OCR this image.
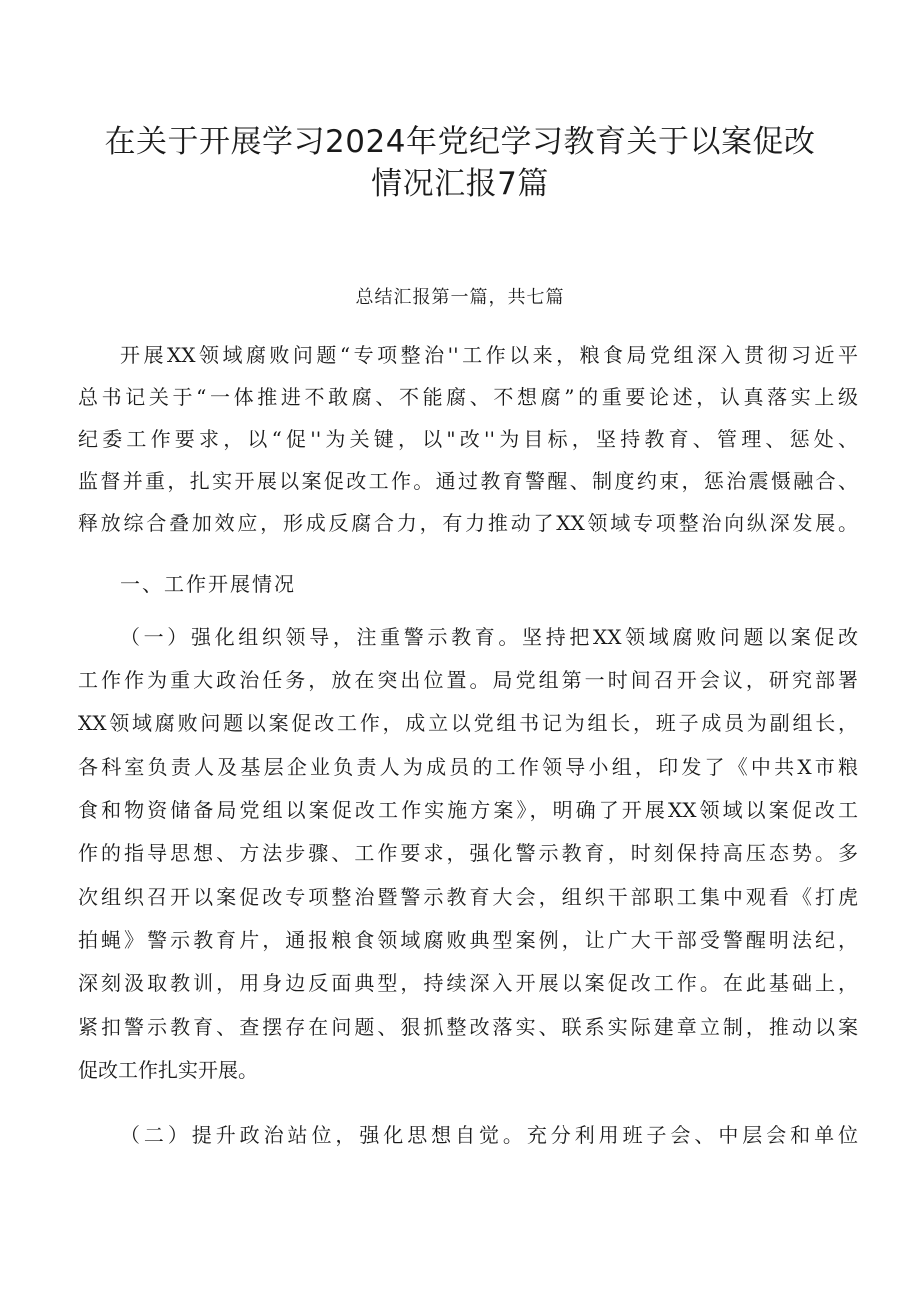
在关于开展学习2024年党纪学习教育关于以案促改
情况汇报7篇
总结汇报第一篇，共七篇
开展XX领域腐败问题“专项整治''工作以来，粮食局党组深入贯彻习近平
总书记关于“一体推进不敢腐、不能腐、不想腐”的重要论述，认真落实上级
纪委工作要求，以“促''为关键，以"改''为目标，坚持教育、管理、惩处、
监督并重，扎实开展以案促改工作。通过教育警醒、制度约束，惩治震慑融合、
释放综合叠加效应，形成反腐合力，有力推动了XX领域专项整治向纵深发展。
一、工作开展情况
（一）强化组织领导，注重警示教育。坚持把XX领域腐败问题以案促改
工作作为重大政治任务，放在突出位置。局党组第一时间召开会议，研究部署
XX领域腐败问题以案促改工作，成立以党组书记为组长，班子成员为副组长，
各科室负责人及基层企业负责人为成员的工作领导小组，印发了《中共X市粮
食和物资储备局党组以案促改工作实施方案》，明确了开展XX领域以案促改工
作的指导思想、方法步骤、工作要求，强化警示教育，时刻保持高压态势。多
次组织召开以案促改专项整治暨警示教育大会，组织干部职工集中观看《打虎
拍蝇》警示教育片，通报粮食领域腐败典型案例，让广大干部受警醒明法纪，
深刻汲取教训，用身边反面典型，持续深入开展以案促改工作。在此基础上，
紧扣警示教育、查摆存在问题、狠抓整改落实、联系实际建章立制，推动以案
促改工作扎实开展。
（二）提升政治站位，强化思想自觉。充分利用班子会、中层会和单位
